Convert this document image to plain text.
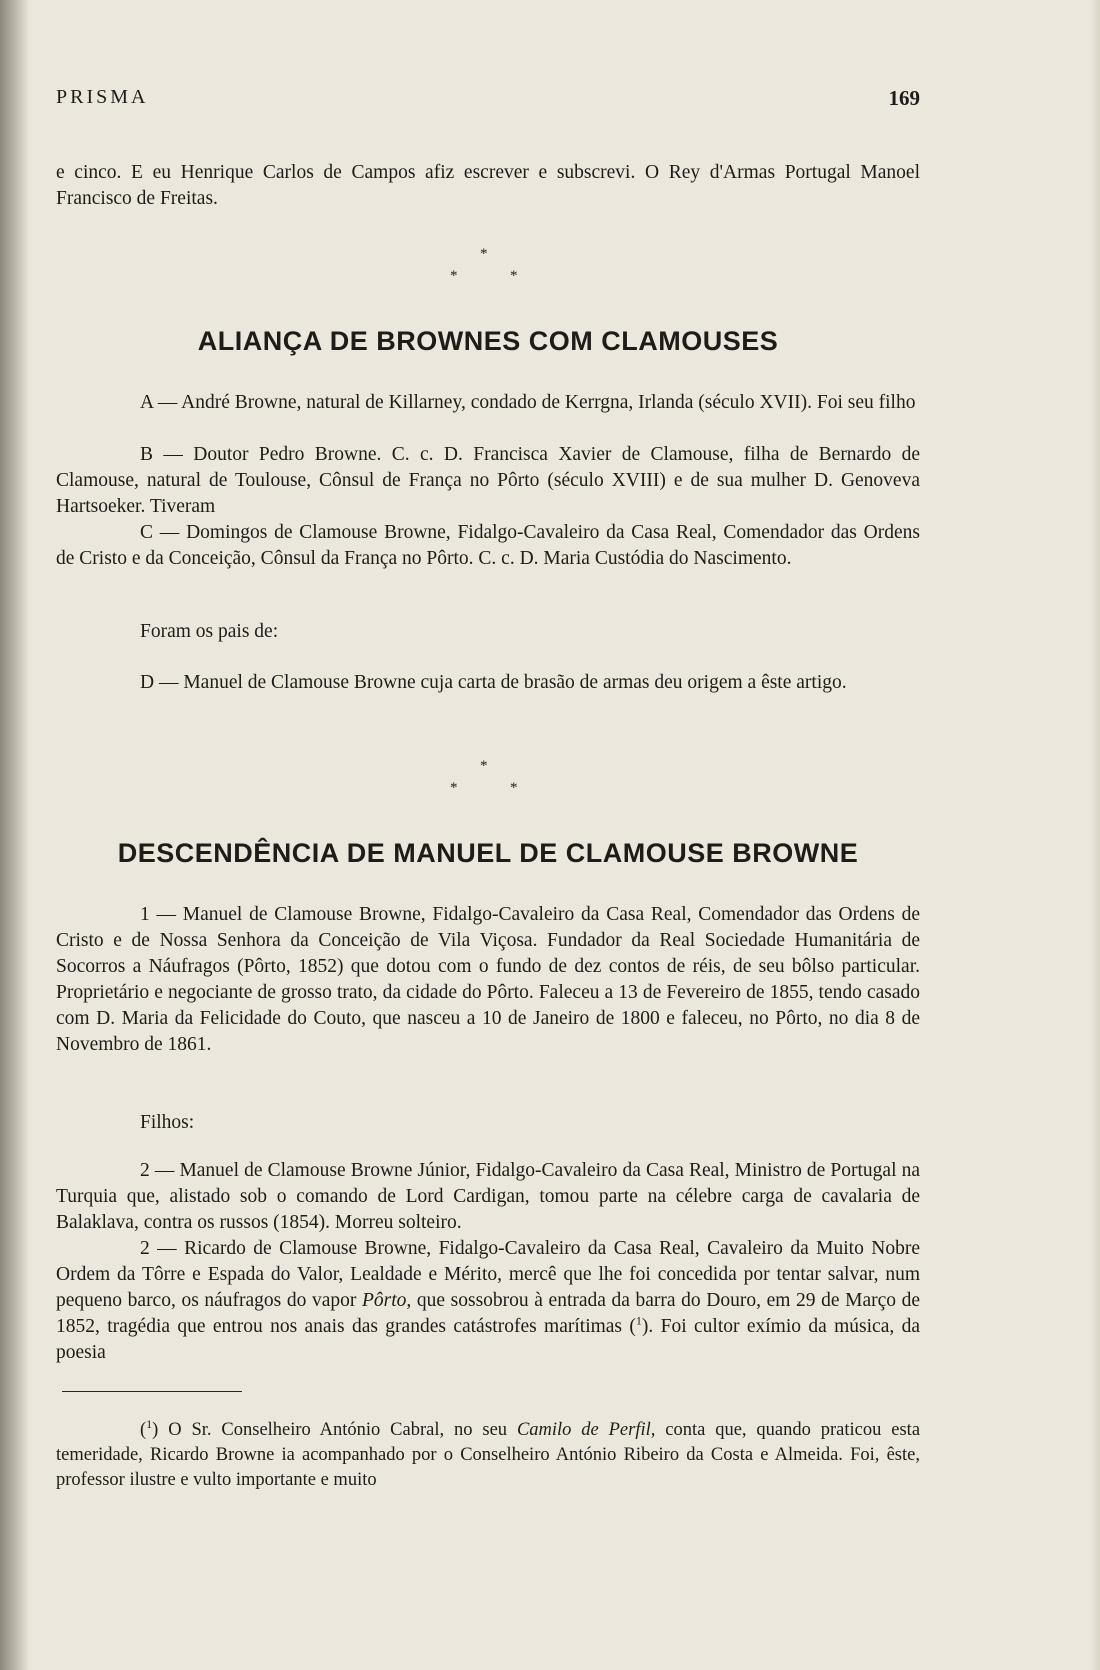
PRISMA	169

e cinco. E eu Henrique Carlos de Campos afiz escrever e subscrevi. O Rey d'Armas Portugal Manoel Francisco de Freitas.

*
*	*
ALIANÇA DE BROWNES COM CLAMOUSES

A — André Browne, natural de Killarney, condado de Kerrgna, Irlanda (século XVII). Foi seu filho

B — Doutor Pedro Browne. C. c. D. Francisca Xavier de Clamouse, filha de Bernardo de Clamouse, natural de Toulouse, Cônsul de França no Pôrto (século XVIII) e de sua mulher D. Genoveva Hartsoeker. Tiveram

C — Domingos de Clamouse Browne, Fidalgo-Cavaleiro da Casa Real, Comendador das Ordens de Cristo e da Conceição, Cônsul da França no Pôrto. C. c. D. Maria Custódia do Nascimento.

Foram os pais de:

D — Manuel de Clamouse Browne cuja carta de brasão de armas deu origem a êste artigo.

*
*	*
DESCENDÊNCIA DE MANUEL DE CLAMOUSE BROWNE

1 — Manuel de Clamouse Browne, Fidalgo-Cavaleiro da Casa Real, Comendador das Ordens de Cristo e de Nossa Senhora da Conceição de Vila Viçosa. Fundador da Real Sociedade Humanitária de Socorros a Náufragos (Pôrto, 1852) que dotou com o fundo de dez contos de réis, de seu bôlso particular. Proprietário e negociante de grosso trato, da cidade do Pôrto. Faleceu a 13 de Fevereiro de 1855, tendo casado com D. Maria da Felicidade do Couto, que nasceu a 10 de Janeiro de 1800 e faleceu, no Pôrto, no dia 8 de Novembro de 1861.

Filhos:

2 — Manuel de Clamouse Browne Júnior, Fidalgo-Cavaleiro da Casa Real, Ministro de Portugal na Turquia que, alistado sob o comando de Lord Cardigan, tomou parte na célebre carga de cavalaria de Balaklava, contra os russos (1854). Morreu solteiro.

2 — Ricardo de Clamouse Browne, Fidalgo-Cavaleiro da Casa Real, Cavaleiro da Muito Nobre Ordem da Tôrre e Espada do Valor, Lealdade e Mérito, mercê que lhe foi concedida por tentar salvar, num pequeno barco, os náufragos do vapor Pôrto, que sossobrou à entrada da barra do Douro, em 29 de Março de 1852, tragédia que entrou nos anais das grandes catástrofes marítimas ($^1$). Foi cultor exímio da música, da poesia

($^1$) O Sr. Conselheiro António Cabral, no seu Camilo de Perfil, conta que, quando praticou esta temeridade, Ricardo Browne ia acompanhado por o Conselheiro António Ribeiro da Costa e Almeida. Foi, êste, professor ilustre e vulto importante e muito
